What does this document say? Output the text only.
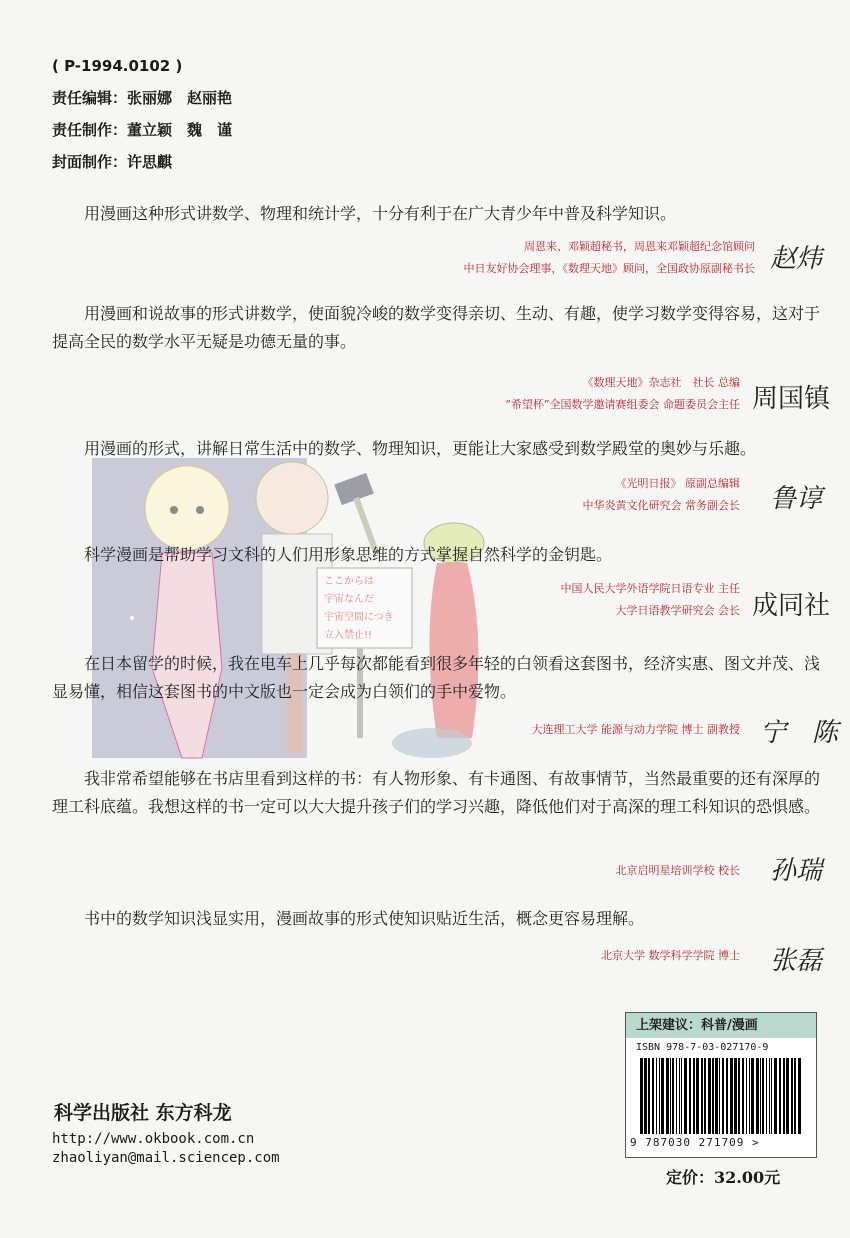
ここからは
宇宙なんだ
宇宙空間につき
立入禁止!!
( P-1994.0102 )
责任编辑：张丽娜　赵丽艳
责任制作：董立颖　魏　谨
封面制作：许思麒
用漫画这种形式讲数学、物理和统计学，十分有利于在广大青少年中普及科学知识。
周恩来、邓颖超秘书，周恩来邓颖超纪念馆顾问
中日友好协会理事，《数理天地》顾问，全国政协原副秘书长 赵炜
用漫画和说故事的形式讲数学，使面貌冷峻的数学变得亲切、生动、有趣，使学习数学变得容易，这对于提高全民的数学水平无疑是功德无量的事。
《数理天地》杂志社　社长 总编
“希望杯”全国数学邀请赛组委会 命题委员会主任 周国镇
用漫画的形式，讲解日常生活中的数学、物理知识，更能让大家感受到数学殿堂的奥妙与乐趣。
《光明日报》 原副总编辑
中华炎黄文化研究会 常务副会长 鲁谆
科学漫画是帮助学习文科的人们用形象思维的方式掌握自然科学的金钥匙。
中国人民大学外语学院日语专业 主任
大学日语教学研究会 会长 成同社
在日本留学的时候，我在电车上几乎每次都能看到很多年轻的白领看这套图书，经济实惠、图文并茂、浅显易懂，相信这套图书的中文版也一定会成为白领们的手中爱物。
大连理工大学 能源与动力学院 博士 副教授 宁　陈
我非常希望能够在书店里看到这样的书：有人物形象、有卡通图、有故事情节，当然最重要的还有深厚的理工科底蕴。我想这样的书一定可以大大提升孩子们的学习兴趣，降低他们对于高深的理工科知识的恐惧感。
北京启明星培训学校 校长 孙瑞
书中的数学知识浅显实用，漫画故事的形式使知识贴近生活，概念更容易理解。
北京大学 数学科学学院 博士 张磊
科学出版社 东方科龙
http://www.okbook.com.cn
zhaoliyan@mail.sciencep.com
上架建议：科普/漫画
ISBN 978-7-03-027170-9
9 787030 271709 >
定价：32.00元
